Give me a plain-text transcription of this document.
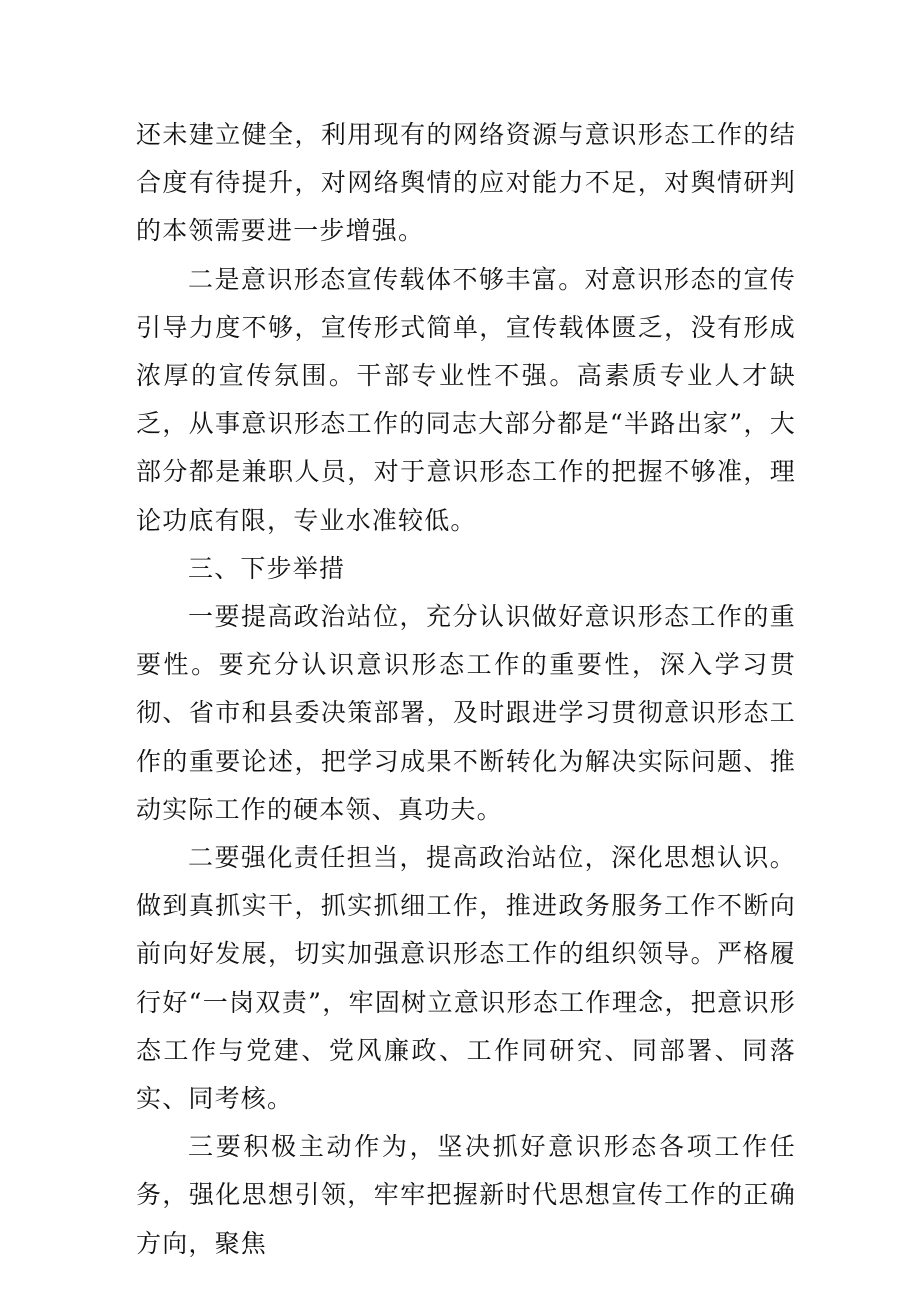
还未建立健全，利用现有的网络资源与意识形态工作的结合度有待提升，对网络舆情的应对能力不足，对舆情研判的本领需要进一步增强。

二是意识形态宣传载体不够丰富。对意识形态的宣传引导力度不够，宣传形式简单，宣传载体匮乏，没有形成浓厚的宣传氛围。干部专业性不强。高素质专业人才缺乏，从事意识形态工作的同志大部分都是“半路出家”，大部分都是兼职人员，对于意识形态工作的把握不够准，理论功底有限，专业水准较低。

三、下步举措

一要提高政治站位，充分认识做好意识形态工作的重要性。要充分认识意识形态工作的重要性，深入学习贯彻、省市和县委决策部署，及时跟进学习贯彻意识形态工作的重要论述，把学习成果不断转化为解决实际问题、推动实际工作的硬本领、真功夫。

二要强化责任担当，提高政治站位，深化思想认识。做到真抓实干，抓实抓细工作，推进政务服务工作不断向前向好发展，切实加强意识形态工作的组织领导。严格履行好“一岗双责”，牢固树立意识形态工作理念，把意识形态工作与党建、党风廉政、工作同研究、同部署、同落实、同考核。

三要积极主动作为，坚决抓好意识形态各项工作任务，强化思想引领，牢牢把握新时代思想宣传工作的正确方向，聚焦
